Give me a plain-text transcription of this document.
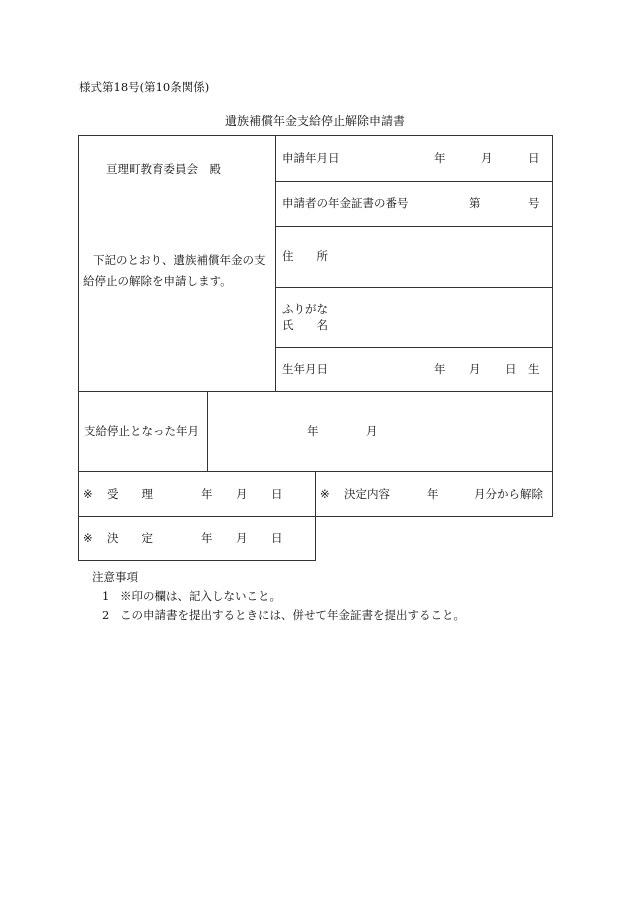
様式第18号(第10条関係)
遺族補償年金支給停止解除申請書
亘理町教育委員会　殿
下記のとおり、遺族補償年金の支
給停止の解除を申請します。
申請年月日	年	月	日
申請者の年金証書の番号	第	号
住　　所
ふりがな
氏　　名
生年月日	年 月 日 生
支給停止となった年月	年	月
※ 受　　理	年 月 日	※ 決定内容	年	月分から解除
※ 決　　定	年 月 日
注意事項
1 ※印の欄は、記入しないこと。
2 この申請書を提出するときには、併せて年金証書を提出すること。
